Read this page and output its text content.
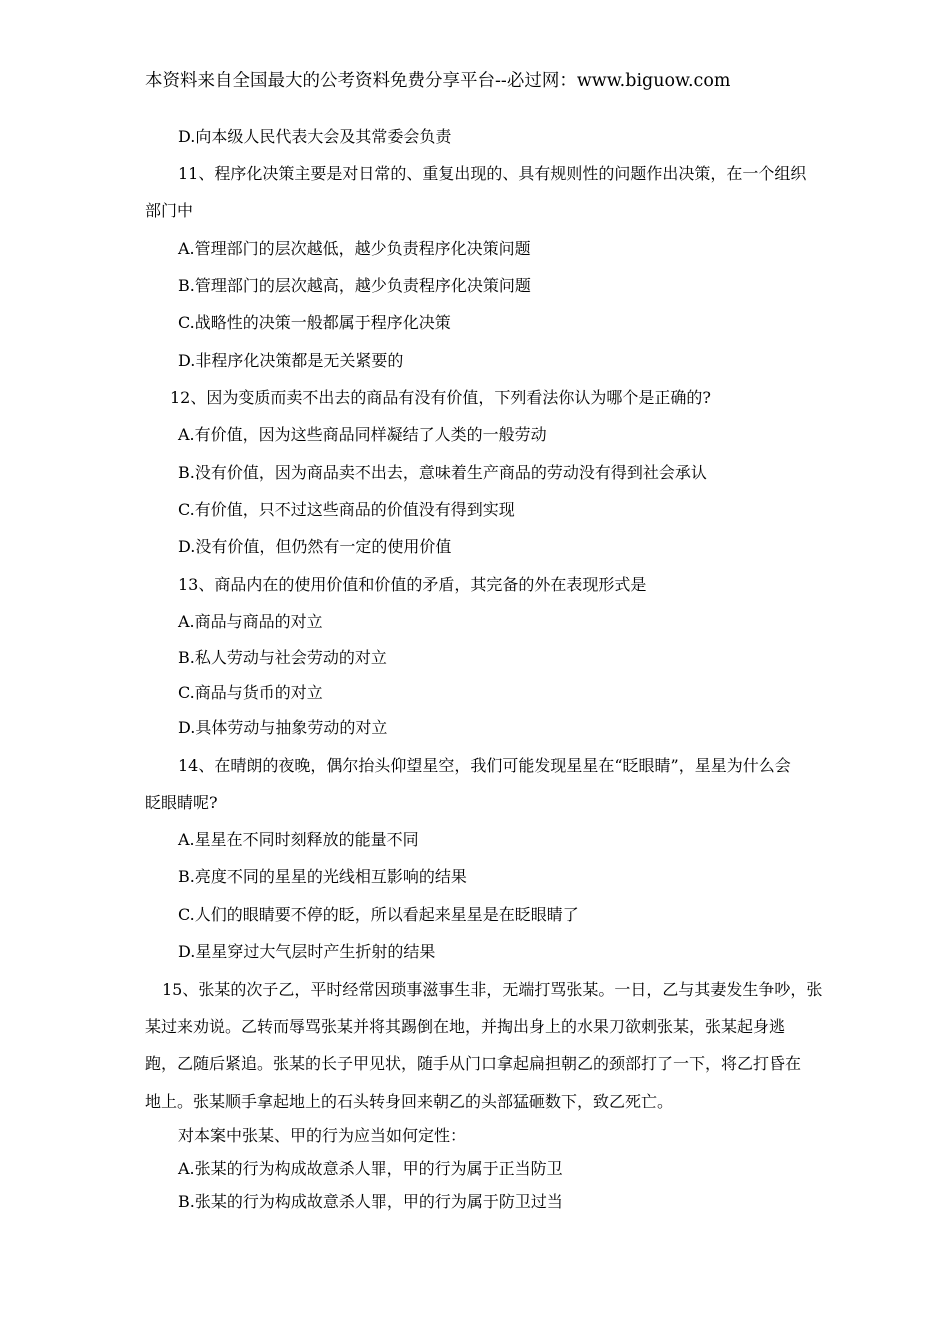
本资料来自全国最大的公考资料免费分享平台--必过网：www.biguow.com
D.向本级人民代表大会及其常委会负责
11、程序化决策主要是对日常的、重复出现的、具有规则性的问题作出决策，在一个组织
部门中
A.管理部门的层次越低，越少负责程序化决策问题
B.管理部门的层次越高，越少负责程序化决策问题
C.战略性的决策一般都属于程序化决策
D.非程序化决策都是无关紧要的
12、因为变质而卖不出去的商品有没有价值，下列看法你认为哪个是正确的?
A.有价值，因为这些商品同样凝结了人类的一般劳动
B.没有价值，因为商品卖不出去，意味着生产商品的劳动没有得到社会承认
C.有价值，只不过这些商品的价值没有得到实现
D.没有价值，但仍然有一定的使用价值
13、商品内在的使用价值和价值的矛盾，其完备的外在表现形式是
A.商品与商品的对立
B.私人劳动与社会劳动的对立
C.商品与货币的对立
D.具体劳动与抽象劳动的对立
14、在晴朗的夜晚，偶尔抬头仰望星空，我们可能发现星星在“眨眼睛”，星星为什么会
眨眼睛呢?
A.星星在不同时刻释放的能量不同
B.亮度不同的星星的光线相互影响的结果
C.人们的眼睛要不停的眨，所以看起来星星是在眨眼睛了
D.星星穿过大气层时产生折射的结果
15、张某的次子乙，平时经常因琐事滋事生非，无端打骂张某。一日，乙与其妻发生争吵，张
某过来劝说。乙转而辱骂张某并将其踢倒在地，并掏出身上的水果刀欲刺张某，张某起身逃
跑，乙随后紧追。张某的长子甲见状，随手从门口拿起扁担朝乙的颈部打了一下，将乙打昏在
地上。张某顺手拿起地上的石头转身回来朝乙的头部猛砸数下，致乙死亡。
对本案中张某、甲的行为应当如何定性：
A.张某的行为构成故意杀人罪，甲的行为属于正当防卫
B.张某的行为构成故意杀人罪，甲的行为属于防卫过当
